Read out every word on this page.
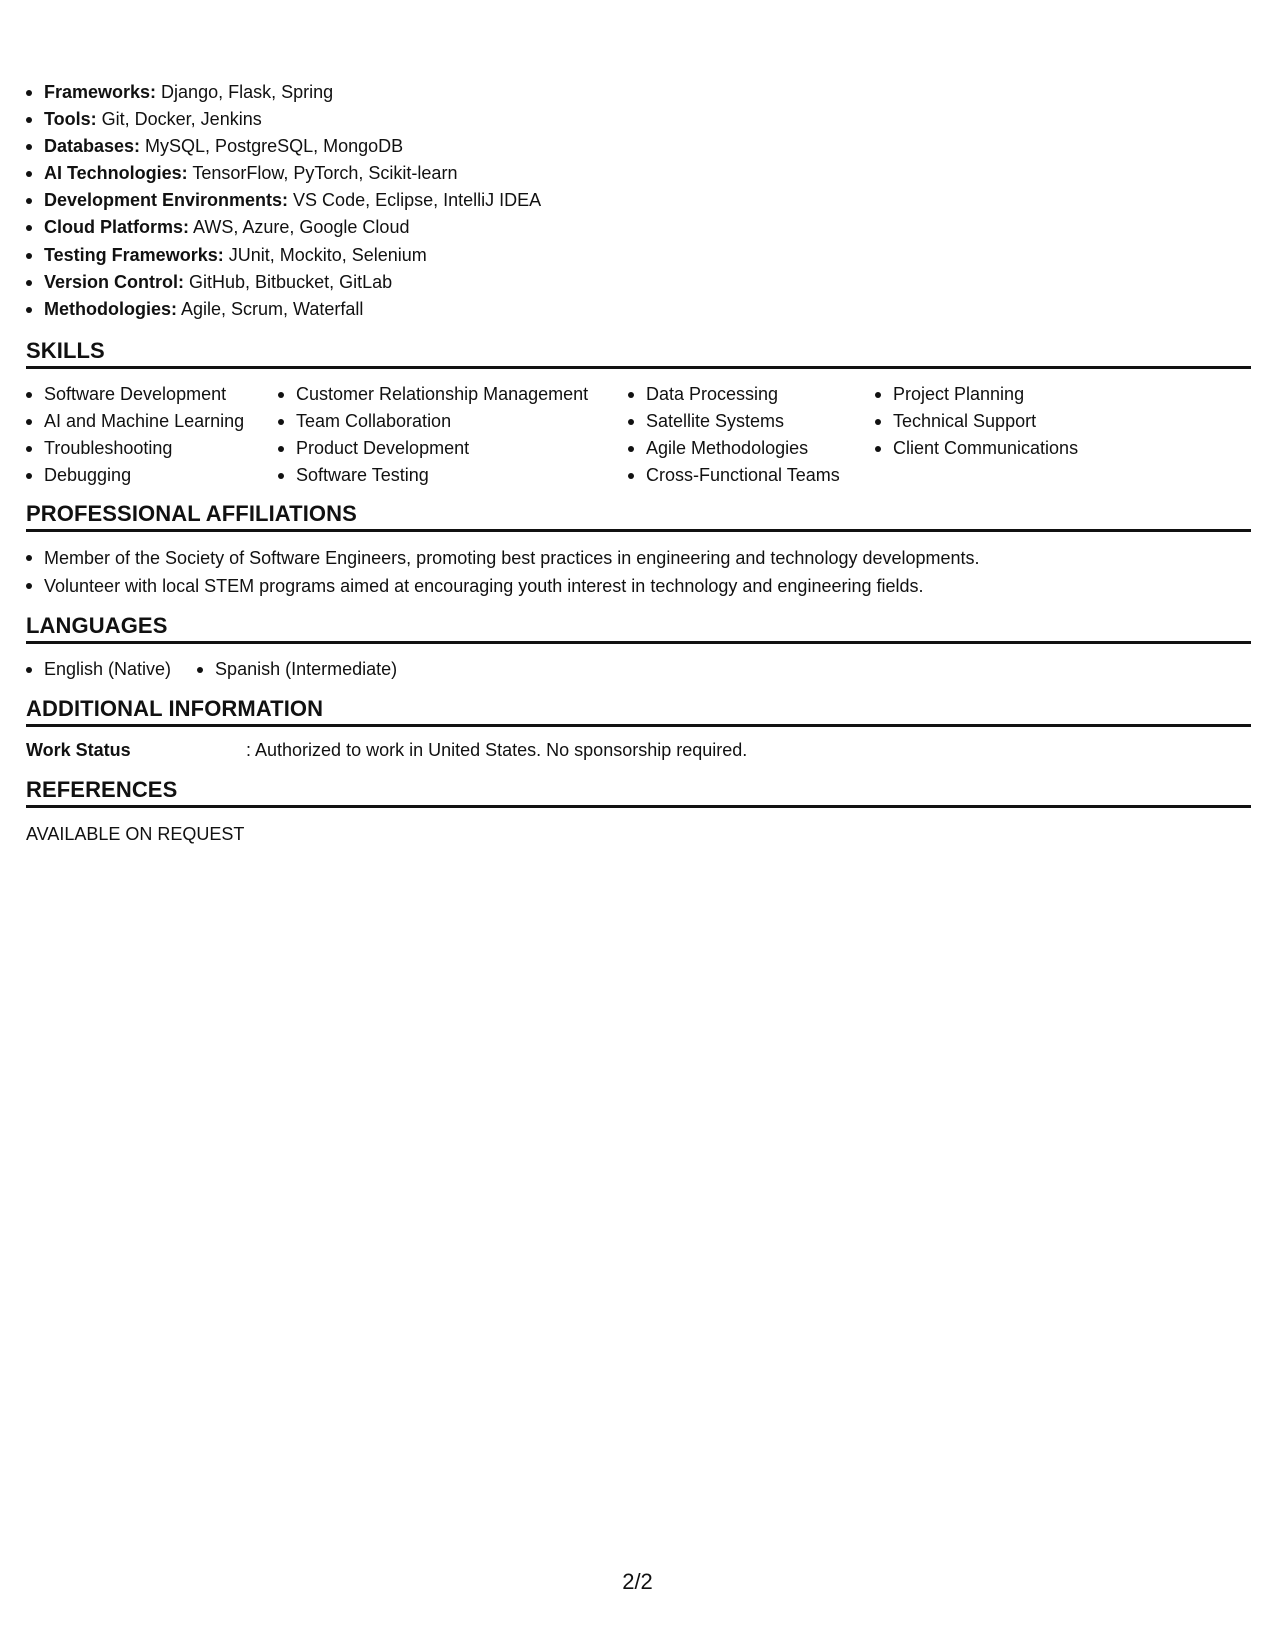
Frameworks: Django, Flask, Spring
Tools: Git, Docker, Jenkins
Databases: MySQL, PostgreSQL, MongoDB
AI Technologies: TensorFlow, PyTorch, Scikit-learn
Development Environments: VS Code, Eclipse, IntelliJ IDEA
Cloud Platforms: AWS, Azure, Google Cloud
Testing Frameworks: JUnit, Mockito, Selenium
Version Control: GitHub, Bitbucket, GitLab
Methodologies: Agile, Scrum, Waterfall
SKILLS
Software Development
AI and Machine Learning
Troubleshooting
Debugging
Customer Relationship Management
Team Collaboration
Product Development
Software Testing
Data Processing
Satellite Systems
Agile Methodologies
Cross-Functional Teams
Project Planning
Technical Support
Client Communications
PROFESSIONAL AFFILIATIONS
Member of the Society of Software Engineers, promoting best practices in engineering and technology developments.
Volunteer with local STEM programs aimed at encouraging youth interest in technology and engineering fields.
LANGUAGES
English (Native)	Spanish (Intermediate)
ADDITIONAL INFORMATION
Work Status	: Authorized to work in United States. No sponsorship required.
REFERENCES
AVAILABLE ON REQUEST
2/2
